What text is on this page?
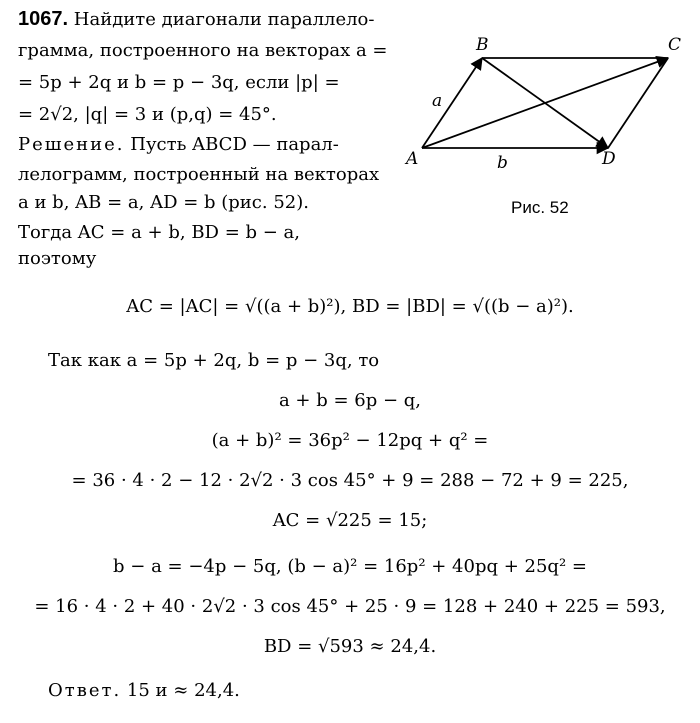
1067. Найдите диагонали параллело-
грамма, построенного на векторах a =
= 5p + 2q и b = p − 3q, если |p| =
= 2√2, |q| = 3 и (p,q) = 45°.
Решение. Пусть ABCD — парал-
лелограмм, построенный на векторах
a и b, AB = a, AD = b (рис. 52).
Тогда AC = a + b, BD = b − a,
поэтому
A
B	C
D
a
b
Рис. 52
AC = |AC| = √((a + b)²), BD = |BD| = √((b − a)²).
Так как a = 5p + 2q, b = p − 3q, то
a + b = 6p − q,
(a + b)² = 36p² − 12pq + q² =
= 36 · 4 · 2 − 12 · 2√2 · 3 cos 45° + 9 = 288 − 72 + 9 = 225,
AC = √225 = 15;
b − a = −4p − 5q, (b − a)² = 16p² + 40pq + 25q² =
= 16 · 4 · 2 + 40 · 2√2 · 3 cos 45° + 25 · 9 = 128 + 240 + 225 = 593,
BD = √593 ≈ 24,4.
Ответ. 15 и ≈ 24,4.
